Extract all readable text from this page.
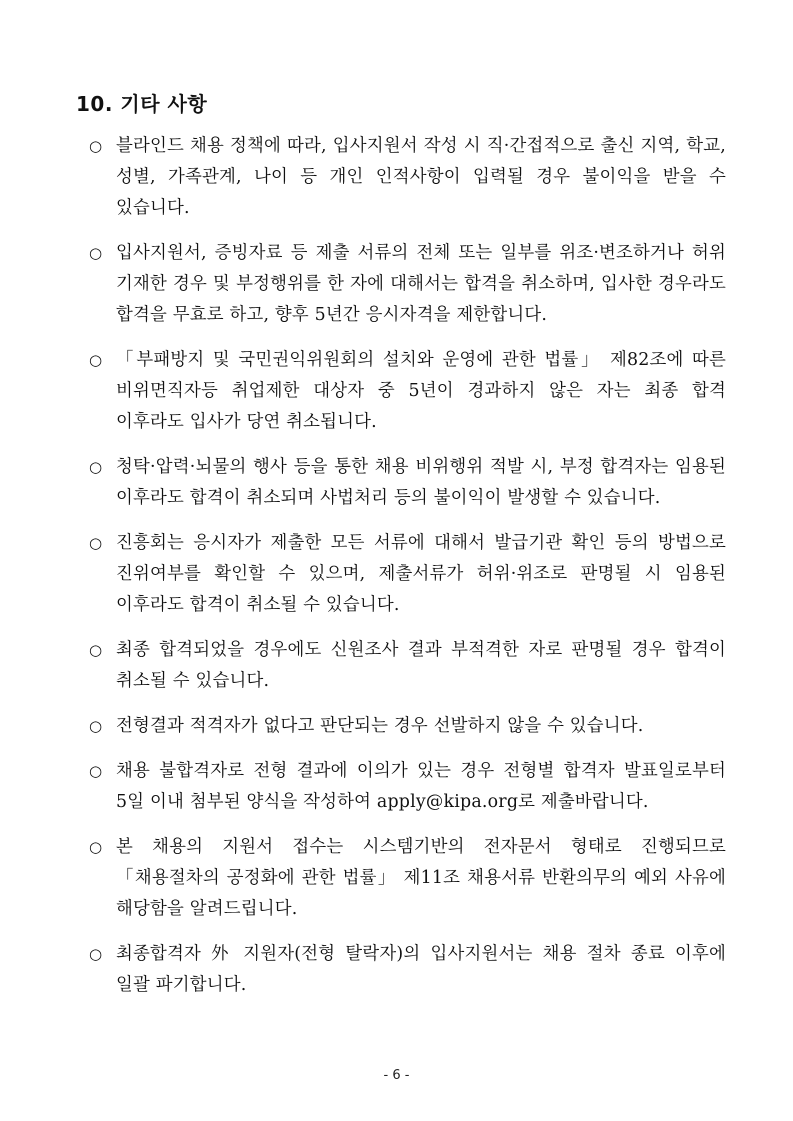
10. 기타 사항
○ 블라인드 채용 정책에 따라, 입사지원서 작성 시 직·간접적으로 출신 지역, 학교, 성별, 가족관계, 나이 등 개인 인적사항이 입력될 경우 불이익을 받을 수 있습니다.
○ 입사지원서, 증빙자료 등 제출 서류의 전체 또는 일부를 위조·변조하거나 허위 기재한 경우 및 부정행위를 한 자에 대해서는 합격을 취소하며, 입사한 경우라도 합격을 무효로 하고, 향후 5년간 응시자격을 제한합니다.
○ 「부패방지 및 국민권익위원회의 설치와 운영에 관한 법률」 제82조에 따른 비위면직자등 취업제한 대상자 중 5년이 경과하지 않은 자는 최종 합격 이후라도 입사가 당연 취소됩니다.
○ 청탁·압력·뇌물의 행사 등을 통한 채용 비위행위 적발 시, 부정 합격자는 임용된 이후라도 합격이 취소되며 사법처리 등의 불이익이 발생할 수 있습니다.
○ 진흥회는 응시자가 제출한 모든 서류에 대해서 발급기관 확인 등의 방법으로 진위여부를 확인할 수 있으며, 제출서류가 허위·위조로 판명될 시 임용된 이후라도 합격이 취소될 수 있습니다.
○ 최종 합격되었을 경우에도 신원조사 결과 부적격한 자로 판명될 경우 합격이 취소될 수 있습니다.
○ 전형결과 적격자가 없다고 판단되는 경우 선발하지 않을 수 있습니다.
○ 채용 불합격자로 전형 결과에 이의가 있는 경우 전형별 합격자 발표일로부터 5일 이내 첨부된 양식을 작성하여 apply@kipa.org로 제출바랍니다.
○ 본 채용의 지원서 접수는 시스템기반의 전자문서 형태로 진행되므로 「채용절차의 공정화에 관한 법률」 제11조 채용서류 반환의무의 예외 사유에 해당함을 알려드립니다.
○ 최종합격자 外 지원자(전형 탈락자)의 입사지원서는 채용 절차 종료 이후에 일괄 파기합니다.
- 6 -
